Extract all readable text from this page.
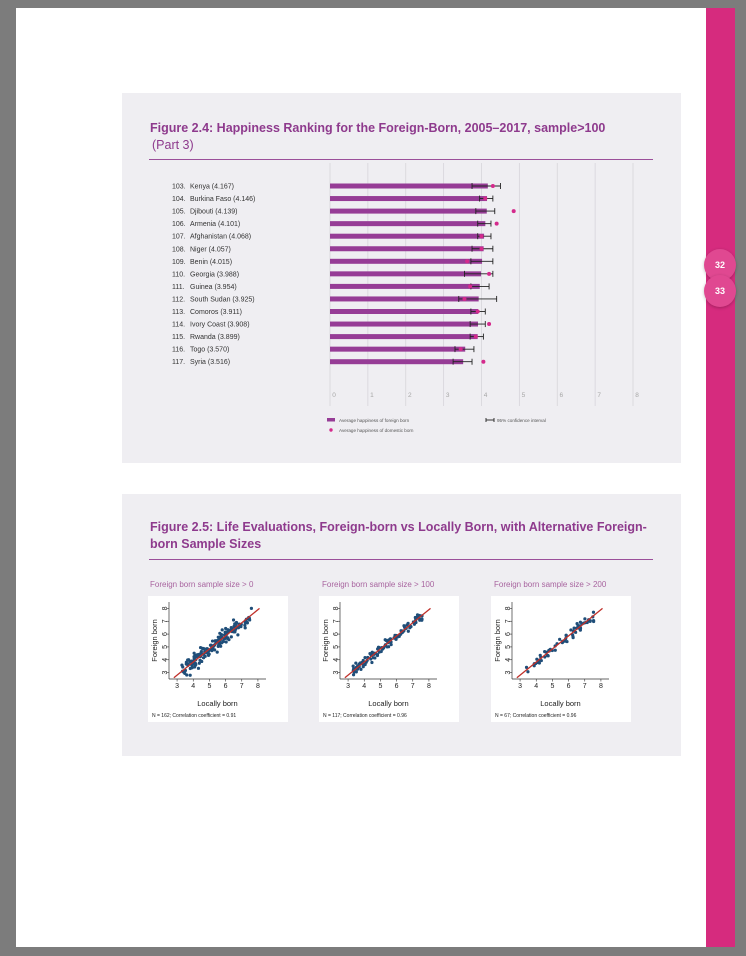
32
33
Figure 2.4: Happiness Ranking for the Foreign-Born, 2005–2017, sample>100
(Part 3)
0	1	2	3	4	5	6	7	8
103. Kenya (4.167)
104. Burkina Faso (4.146)
105. Djibouti (4.139)
106. Armenia (4.101)
107. Afghanistan (4.068)
108. Niger (4.057)
109. Benin (4.015)
110. Georgia (3.988)
111. Guinea (3.954)
112. South Sudan (3.925)
113. Comoros (3.911)
114. Ivory Coast (3.908)
115. Rwanda (3.899)
116. Togo (3.570)
117. Syria (3.516)
Average happiness of foreign born
Average happiness of domestic born
95% confidence interval
Figure 2.5: Life Evaluations, Foreign-born vs Locally Born, with Alternative Foreign-born Sample Sizes
Foreign born sample size > 0	Foreign born sample size > 100	Foreign born sample size > 200
3 4 5 6 7 8
3
4
5
6
7
8
Locally born
Foreign born
N = 162; Correlation coefficient = 0.91
3 4 5 6 7 8
3
4
5
6
7
8
Locally born
Foreign born
N = 117; Correlation coefficient = 0.96
3 4 5 6 7 8
3
4
5
6
7
8
Locally born
Foreign born
N = 67; Correlation coefficient = 0.96
